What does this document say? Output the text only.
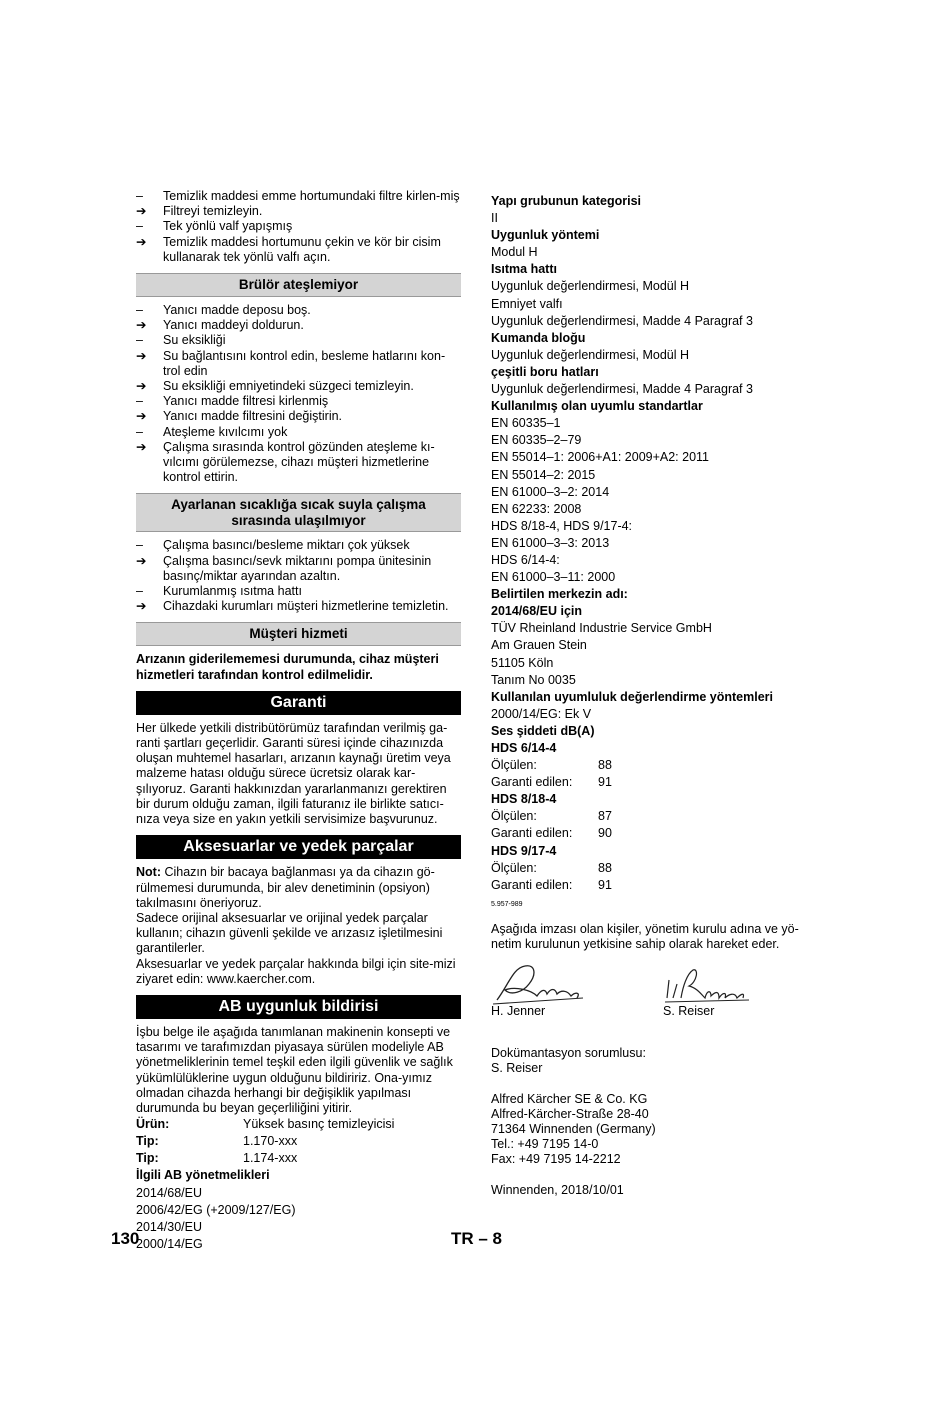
–	Temizlik maddesi emme hortumundaki filtre kirlen-miş
➔	Filtreyi temizleyin.
–	Tek yönlü valf yapışmış
➔	Temizlik maddesi hortumunu çekin ve kör bir cisim kullanarak tek yönlü valfı açın.
Brülör ateşlemiyor
–	Yanıcı madde deposu boş.
➔	Yanıcı maddeyi doldurun.
–	Su eksikliği
➔	Su bağlantısını kontrol edin, besleme hatlarını kon-trol edin
➔	Su eksikliği emniyetindeki süzgeci temizleyin.
–	Yanıcı madde filtresi kirlenmiş
➔	Yanıcı madde filtresini değiştirin.
–	Ateşleme kıvılcımı yok
➔	Çalışma sırasında kontrol gözünden ateşleme kı-vılcımı görülemezse, cihazı müşteri hizmetlerine kontrol ettirin.
Ayarlanan sıcaklığa sıcak suyla çalışma sırasında ulaşılmıyor
–	Çalışma basıncı/besleme miktarı çok yüksek
➔	Çalışma basıncı/sevk miktarını pompa ünitesinin basınç/miktar ayarından azaltın.
–	Kurumlanmış ısıtma hattı
➔	Cihazdaki kurumları müşteri hizmetlerine temizletin.
Müşteri hizmeti

Arızanın giderilememesi durumunda, cihaz müşteri hizmetleri tarafından kontrol edilmelidir.

Garanti

Her ülkede yetkili distribütörümüz tarafından verilmiş ga-ranti şartları geçerlidir. Garanti süresi içinde cihazınızda oluşan muhtemel hasarları, arızanın kaynağı üretim veya malzeme hatası olduğu sürece ücretsiz olarak kar-şılıyoruz. Garanti hakkınızdan yararlanmanızı gerektiren bir durum olduğu zaman, ilgili faturanız ile birlikte satıcı-nıza veya size en yakın yetkili servisimize başvurunuz.

Aksesuarlar ve yedek parçalar

Not: Cihazın bir bacaya bağlanması ya da cihazın gö-rülmemesi durumunda, bir alev denetiminin (opsiyon) takılmasını öneriyoruz.

Sadece orijinal aksesuarlar ve orijinal yedek parçalar kullanın; cihazın güvenli şekilde ve arızasız işletilmesini garantilerler.

Aksesuarlar ve yedek parçalar hakkında bilgi için site-mizi ziyaret edin: www.kaercher.com.

AB uygunluk bildirisi

İşbu belge ile aşağıda tanımlanan makinenin konsepti ve tasarımı ve tarafımızdan piyasaya sürülen modeliyle AB yönetmeliklerinin temel teşkil eden ilgili güvenlik ve sağlık yükümlülüklerine uygun olduğunu bildiririz. Ona-yımız olmadan cihazda herhangi bir değişiklik yapılması durumunda bu beyan geçerliliğini yitirir.

Ürün:	Yüksek basınç temizleyicisi
Tip:	1.170-xxx
Tip:	1.174-xxx
İlgili AB yönetmelikleri
2014/68/EU
2006/42/EG (+2009/127/EG)
2014/30/EU
2000/14/EG
Yapı grubunun kategorisi
II
Uygunluk yöntemi
Modul H
Isıtma hattı
Uygunluk değerlendirmesi, Modül H
Emniyet valfı
Uygunluk değerlendirmesi, Madde 4 Paragraf 3
Kumanda bloğu
Uygunluk değerlendirmesi, Modül H
çeşitli boru hatları
Uygunluk değerlendirmesi, Madde 4 Paragraf 3
Kullanılmış olan uyumlu standartlar
EN 60335–1
EN 60335–2–79
EN 55014–1: 2006+A1: 2009+A2: 2011
EN 55014–2: 2015
EN 61000–3–2: 2014
EN 62233: 2008
HDS 8/18-4, HDS 9/17-4:
EN 61000–3–3: 2013
HDS 6/14-4:
EN 61000–3–11: 2000
Belirtilen merkezin adı:
2014/68/EU için
TÜV Rheinland Industrie Service GmbH
Am Grauen Stein
51105 Köln
Tanım No 0035
Kullanılan uyumluluk değerlendirme yöntemleri
2000/14/EG: Ek V
Ses şiddeti dB(A)
HDS 6/14-4
Ölçülen:	88
Garanti edilen:	91
HDS 8/18-4
Ölçülen:	87
Garanti edilen:	90
HDS 9/17-4
Ölçülen:	88
Garanti edilen:	91
5.957-989

Aşağıda imzası olan kişiler, yönetim kurulu adına ve yö-netim kurulunun yetkisine sahip olarak hareket eder.

H. Jenner	S. Reiser
Dokümantasyon sorumlusu:
S. Reiser
Alfred Kärcher SE & Co. KG
Alfred-Kärcher-Straße 28-40
71364 Winnenden (Germany)
Tel.: +49 7195 14-0
Fax: +49 7195 14-2212
Winnenden, 2018/10/01
130	TR – 8
